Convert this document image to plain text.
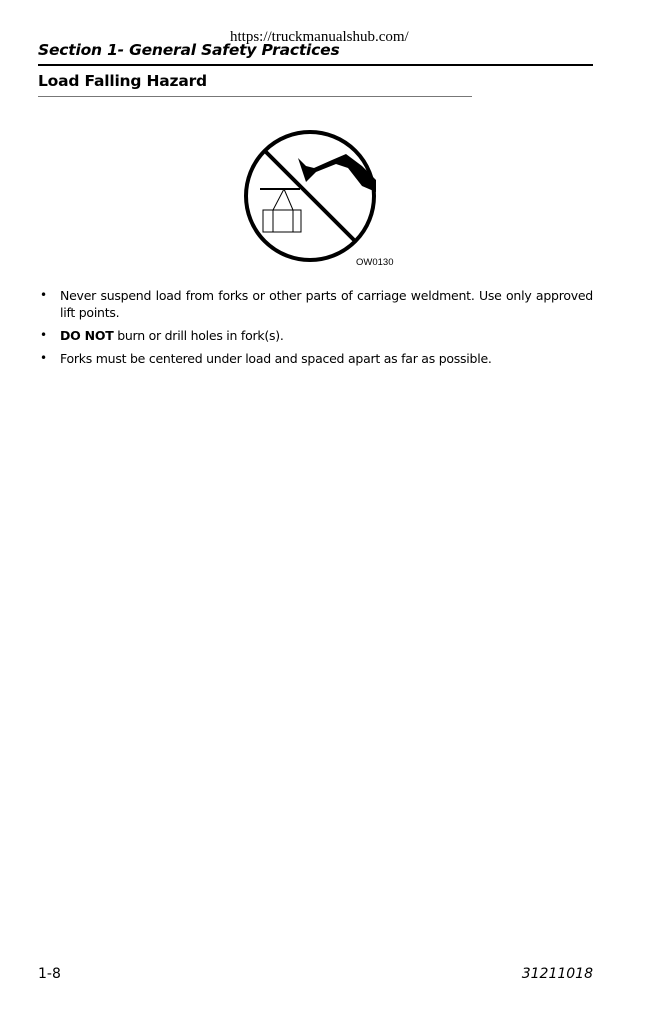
https://truckmanualshub.com/
Section 1- General Safety Practices
Load Falling Hazard
OW0130
• Never suspend load from forks or other parts of carriage weldment. Use only approved lift points.
• DO NOT burn or drill holes in fork(s).
• Forks must be centered under load and spaced apart as far as possible.
1-8	31211018
